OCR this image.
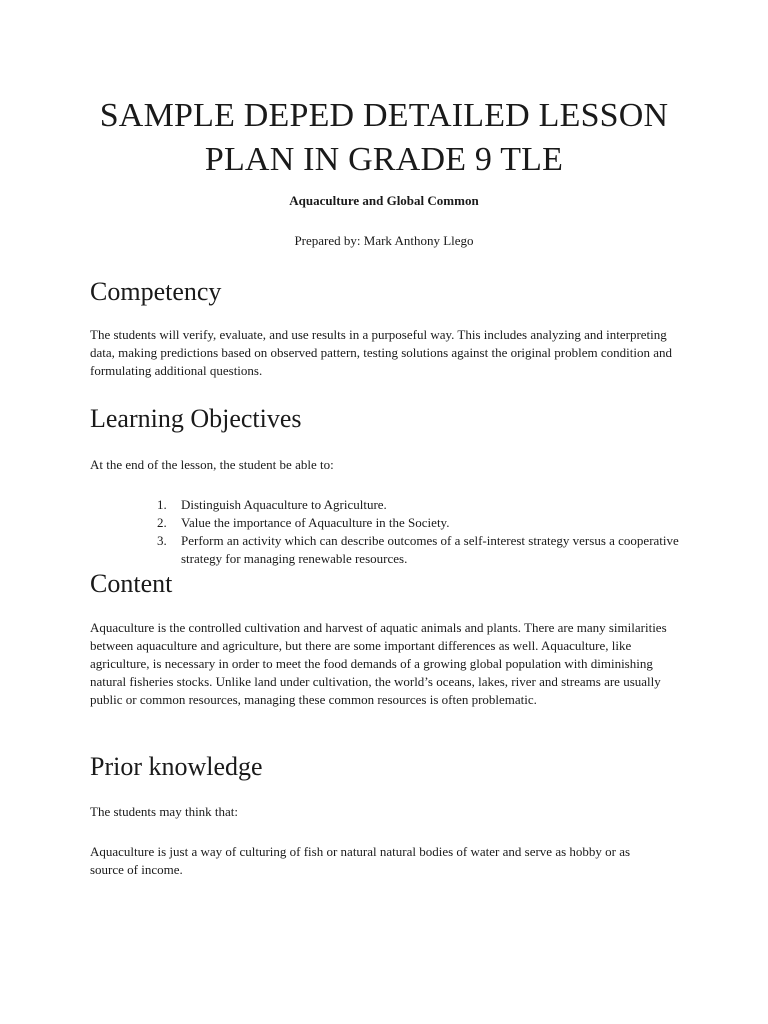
SAMPLE DEPED DETAILED LESSON PLAN IN GRADE 9 TLE

Aquaculture and Global Common

Prepared by: Mark Anthony Llego

Competency

The students will verify, evaluate, and use results in a purposeful way. This includes analyzing and interpreting data, making predictions based on observed pattern, testing solutions against the original problem condition and formulating additional questions.

Learning Objectives

At the end of the lesson, the student be able to:

1. Distinguish Aquaculture to Agriculture.
2. Value the importance of Aquaculture in the Society.
3. Perform an activity which can describe outcomes of a self-interest strategy versus a cooperative strategy for managing renewable resources.
Content

Aquaculture is the controlled cultivation and harvest of aquatic animals and plants. There are many similarities between aquaculture and agriculture, but there are some important differences as well. Aquaculture, like agriculture, is necessary in order to meet the food demands of a growing global population with diminishing natural fisheries stocks. Unlike land under cultivation, the world’s oceans, lakes, river and streams are usually public or common resources, managing these common resources is often problematic.

Prior knowledge

The students may think that:

Aquaculture is just a way of culturing of fish or natural natural bodies of water and serve as hobby or as source of income.
